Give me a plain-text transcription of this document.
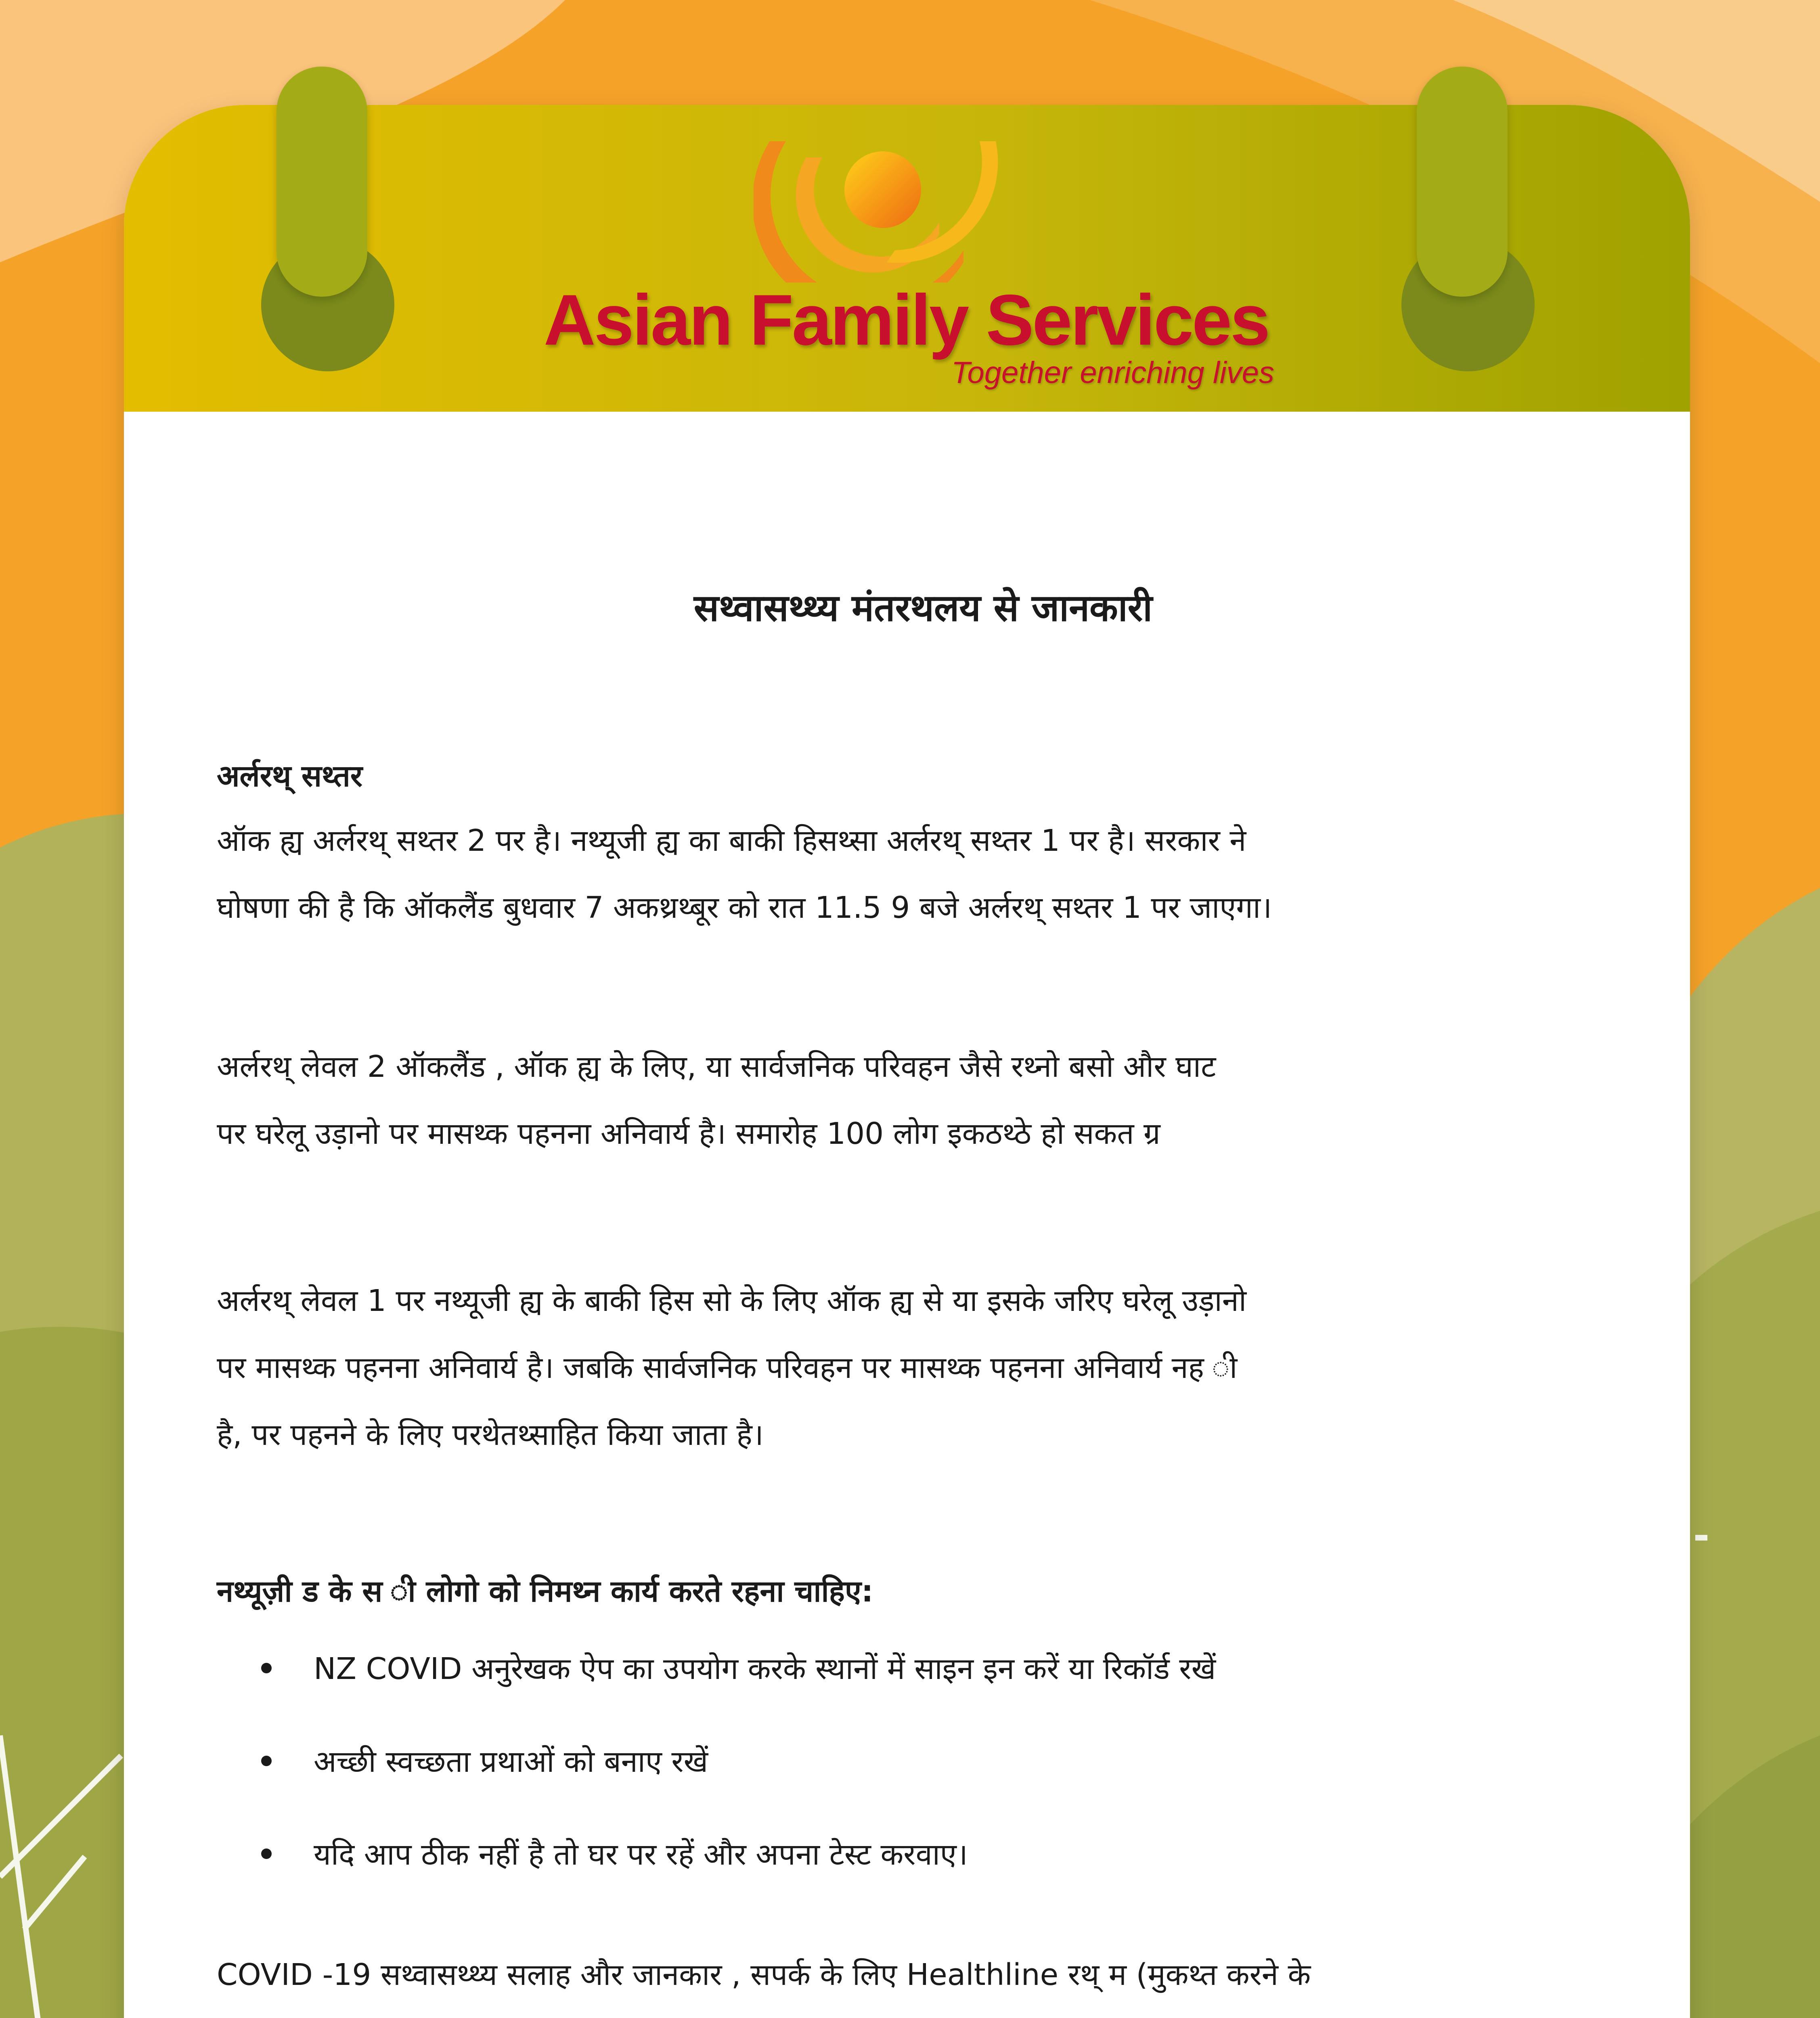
Asian Family Services
Together enriching lives
सथ्वासथ्थ्य मंतरथलय से जानकारी

अर्लरथ् सथ्तर

ऑक ह्य अर्लरथ् सथ्तर 2 पर है। नथ्यूजी ह्य का बाकी हिसथ्सा अर्लरथ् सथ्तर 1 पर है। सरकार ने

घोषणा की है कि ऑकलैंड बुधवार 7 अकथ्रथ्बूर को रात 11.5 9 बजे अर्लरथ् सथ्तर 1 पर जाएगा।

अर्लरथ् लेवल 2 ऑकलैंड , ऑक ह्य के लिए, या सार्वजनिक परिवहन जैसे रथ्नो बसो और घाट

पर घरेलू उड़ानो पर मासथ्क पहनना अनिवार्य है। समारोह 100 लोग इकठथ्ठे हो सकत ग्र

अर्लरथ् लेवल 1 पर नथ्यूजी ह्य के बाकी हिस सो के लिए ऑक ह्य से या इसके जरिए घरेलू उड़ानो

पर मासथ्क पहनना अनिवार्य है। जबकि सार्वजनिक परिवहन पर मासथ्क पहनना अनिवार्य नह ी

है, पर पहनने के लिए परथेतथ्साहित किया जाता है।

नथ्यूज़ी ड के स ी लोगो को निमथ्न कार्य करते रहना चाहिए:

NZ COVID अनुरेखक ऐप का उपयोग करके स्थानों में साइन इन करें या रिकॉर्ड रखें
अच्छी स्वच्छता प्रथाओं को बनाए रखें
यदि आप ठीक नहीं है तो घर पर रहें और अपना टेस्ट करवाए।

COVID -19 सथ्वासथ्थ्य सलाह और जानकार , सपर्क के लिए Healthline रथ् म (मुकथ्त करने के
